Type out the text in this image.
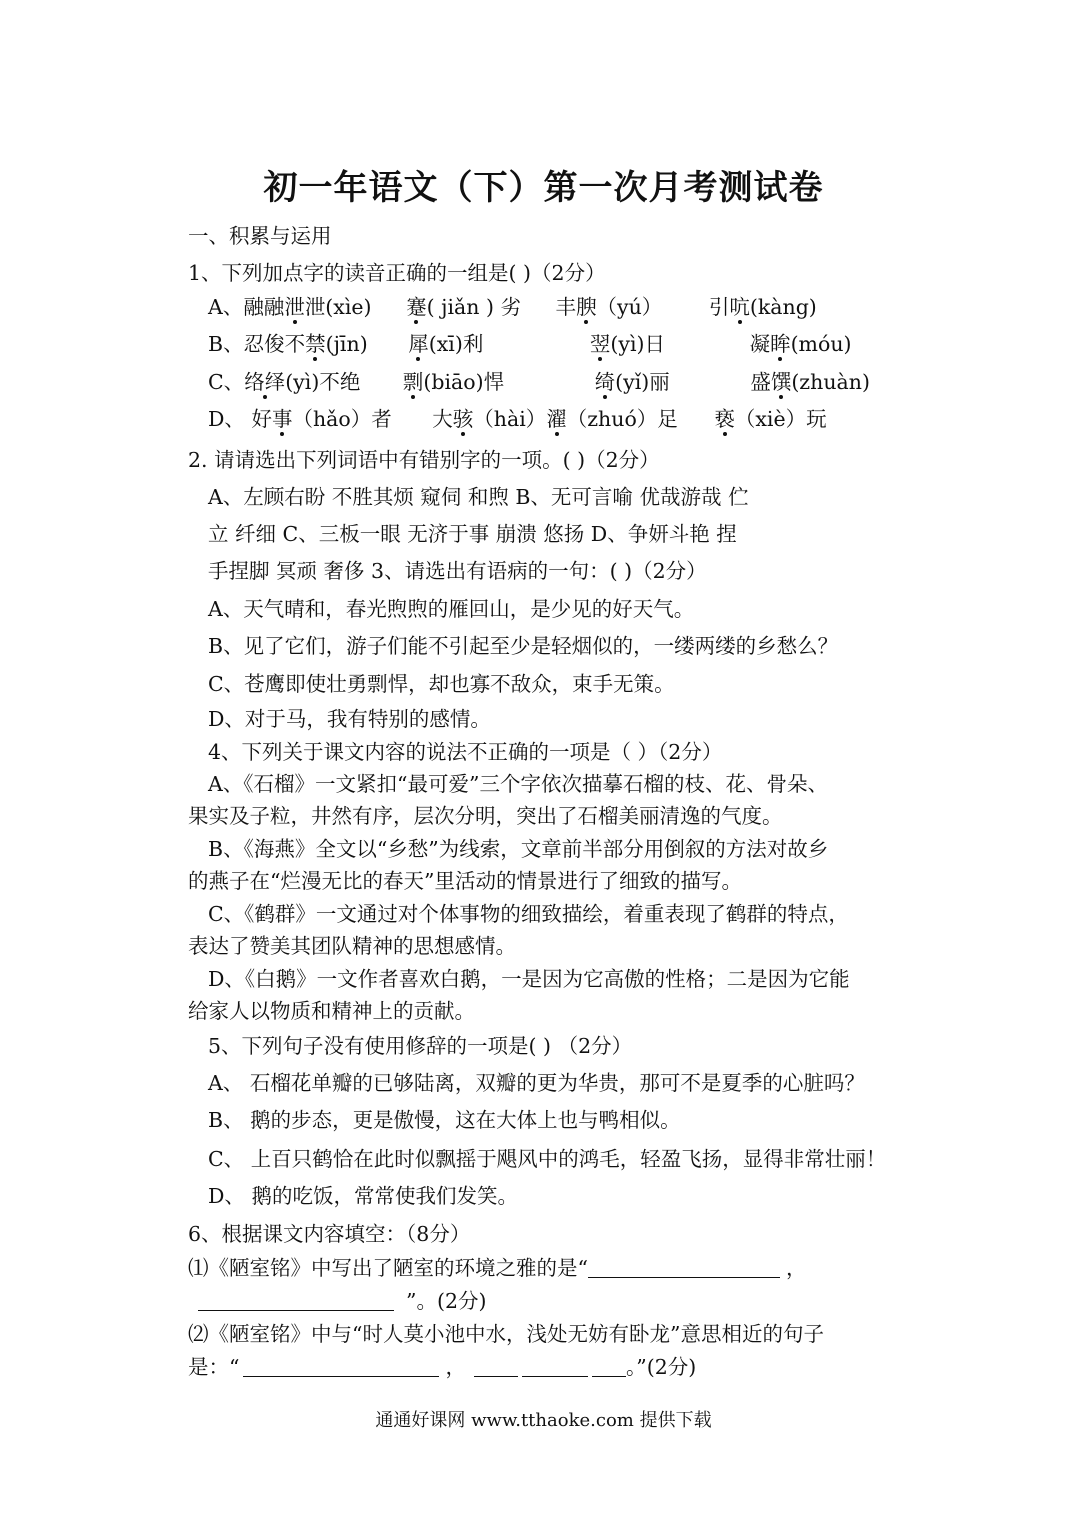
初一年语文（下）第一次月考测试卷
一、积累与运用
1、下列加点字的读音正确的一组是( )（2分）
A、融融泄泄(xìe) 蹇( jiǎn ) 劣 丰腴（yú） 引吭(kàng)
B、忍俊不禁(jīn) 犀(xī)利	翌(yì)日	凝眸(móu)
C、络绎(yì)不绝 剽(biāo)悍	绮(yǐ)丽	盛馔(zhuàn)
D、 好事（hǎo）者 大骇（hài）濯（zhuó）足 亵（xiè）玩
2. 请请选出下列词语中有错别字的一项。( )（2分）
A、左顾右盼 不胜其烦 窥伺 和煦 B、无可言喻 优哉游哉 伫
立 纤细 C、三板一眼 无济于事 崩溃 悠扬 D、争妍斗艳 捏
手捏脚 冥顽 奢侈 3、请选出有语病的一句：( )（2分）
A、天气晴和，春光煦煦的雁回山，是少见的好天气。
B、见了它们，游子们能不引起至少是轻烟似的，一缕两缕的乡愁么？
C、苍鹰即使壮勇剽悍，却也寡不敌众，束手无策。
D、对于马，我有特别的感情。
4、下列关于课文内容的说法不正确的一项是（ ）（2分）
A、《石榴》一文紧扣“最可爱”三个字依次描摹石榴的枝、花、骨朵、
果实及子粒，井然有序，层次分明，突出了石榴美丽清逸的气度。
B、《海燕》全文以“乡愁”为线索，文章前半部分用倒叙的方法对故乡
的燕子在“烂漫无比的春天”里活动的情景进行了细致的描写。
C、《鹤群》一文通过对个体事物的细致描绘，着重表现了鹤群的特点，
表达了赞美其团队精神的思想感情。
D、《白鹅》一文作者喜欢白鹅，一是因为它高傲的性格；二是因为它能
给家人以物质和精神上的贡献。
5、下列句子没有使用修辞的一项是( ) （2分）
A、 石榴花单瓣的已够陆离，双瓣的更为华贵，那可不是夏季的心脏吗？
B、 鹅的步态，更是傲慢，这在大体上也与鸭相似。
C、 上百只鹤恰在此时似飘摇于飓风中的鸿毛，轻盈飞扬，显得非常壮丽！
D、 鹅的吃饭，常常使我们发笑。
6、根据课文内容填空：（8分）
⑴《陋室铭》中写出了陋室的环境之雅的是“	，
”。(2分)
⑵《陋室铭》中与“时人莫小池中水，浅处无妨有卧龙”意思相近的句子
是：“	，	。”(2分)
通通好课网 www.tthaoke.com 提供下载
